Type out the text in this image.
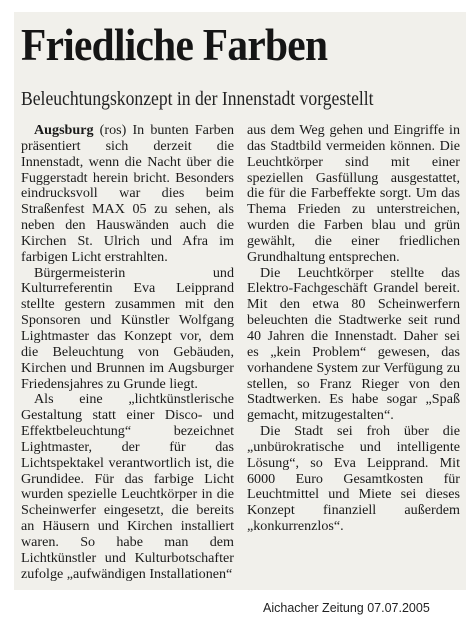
Friedliche Farben
Beleuchtungskonzept in der Innenstadt vorgestellt

Augsburg (ros) In bunten Farben präsentiert sich derzeit die Innenstadt, wenn die Nacht über die Fuggerstadt herein bricht. Besonders eindrucksvoll war dies beim Straßenfest MAX 05 zu sehen, als neben den Hauswänden auch die Kirchen St. Ulrich und Afra im farbigen Licht erstrahlten.

Bürgermeisterin und Kulturreferentin Eva Leipprand stellte gestern zusammen mit den Sponsoren und Künstler Wolfgang Lightmaster das Konzept vor, dem die Beleuchtung von Gebäuden, Kirchen und Brunnen im Augsburger Friedensjahres zu Grunde liegt.

Als eine „lichtkünstlerische Gestaltung statt einer Disco- und Effektbeleuchtung“ bezeichnet Lightmaster, der für das Lichtspektakel verantwortlich ist, die Grundidee. Für das farbige Licht wurden spezielle Leuchtkörper in die Scheinwerfer eingesetzt, die bereits an Häusern und Kirchen installiert waren. So habe man dem Lichtkünstler und Kulturbotschafter zufolge „aufwändigen Installationen“

aus dem Weg gehen und Eingriffe in das Stadtbild vermeiden können. Die Leuchtkörper sind mit einer speziellen Gasfüllung ausgestattet, die für die Farbeffekte sorgt. Um das Thema Frieden zu unterstreichen, wurden die Farben blau und grün gewählt, die einer friedlichen Grundhaltung entsprechen.

Die Leuchtkörper stellte das Elektro-Fachgeschäft Grandel bereit. Mit den etwa 80 Scheinwerfern beleuchten die Stadtwerke seit rund 40 Jahren die Innenstadt. Daher sei es „kein Problem“ gewesen, das vorhandene System zur Verfügung zu stellen, so Franz Rieger von den Stadtwerken. Es habe sogar „Spaß gemacht, mitzugestalten“.

Die Stadt sei froh über die „unbürokratische und intelligente Lösung“, so Eva Leipprand. Mit 6000 Euro Gesamtkosten für Leuchtmittel und Miete sei dieses Konzept finanziell außerdem „konkurrenzlos“.

Aichacher Zeitung 07.07.2005
